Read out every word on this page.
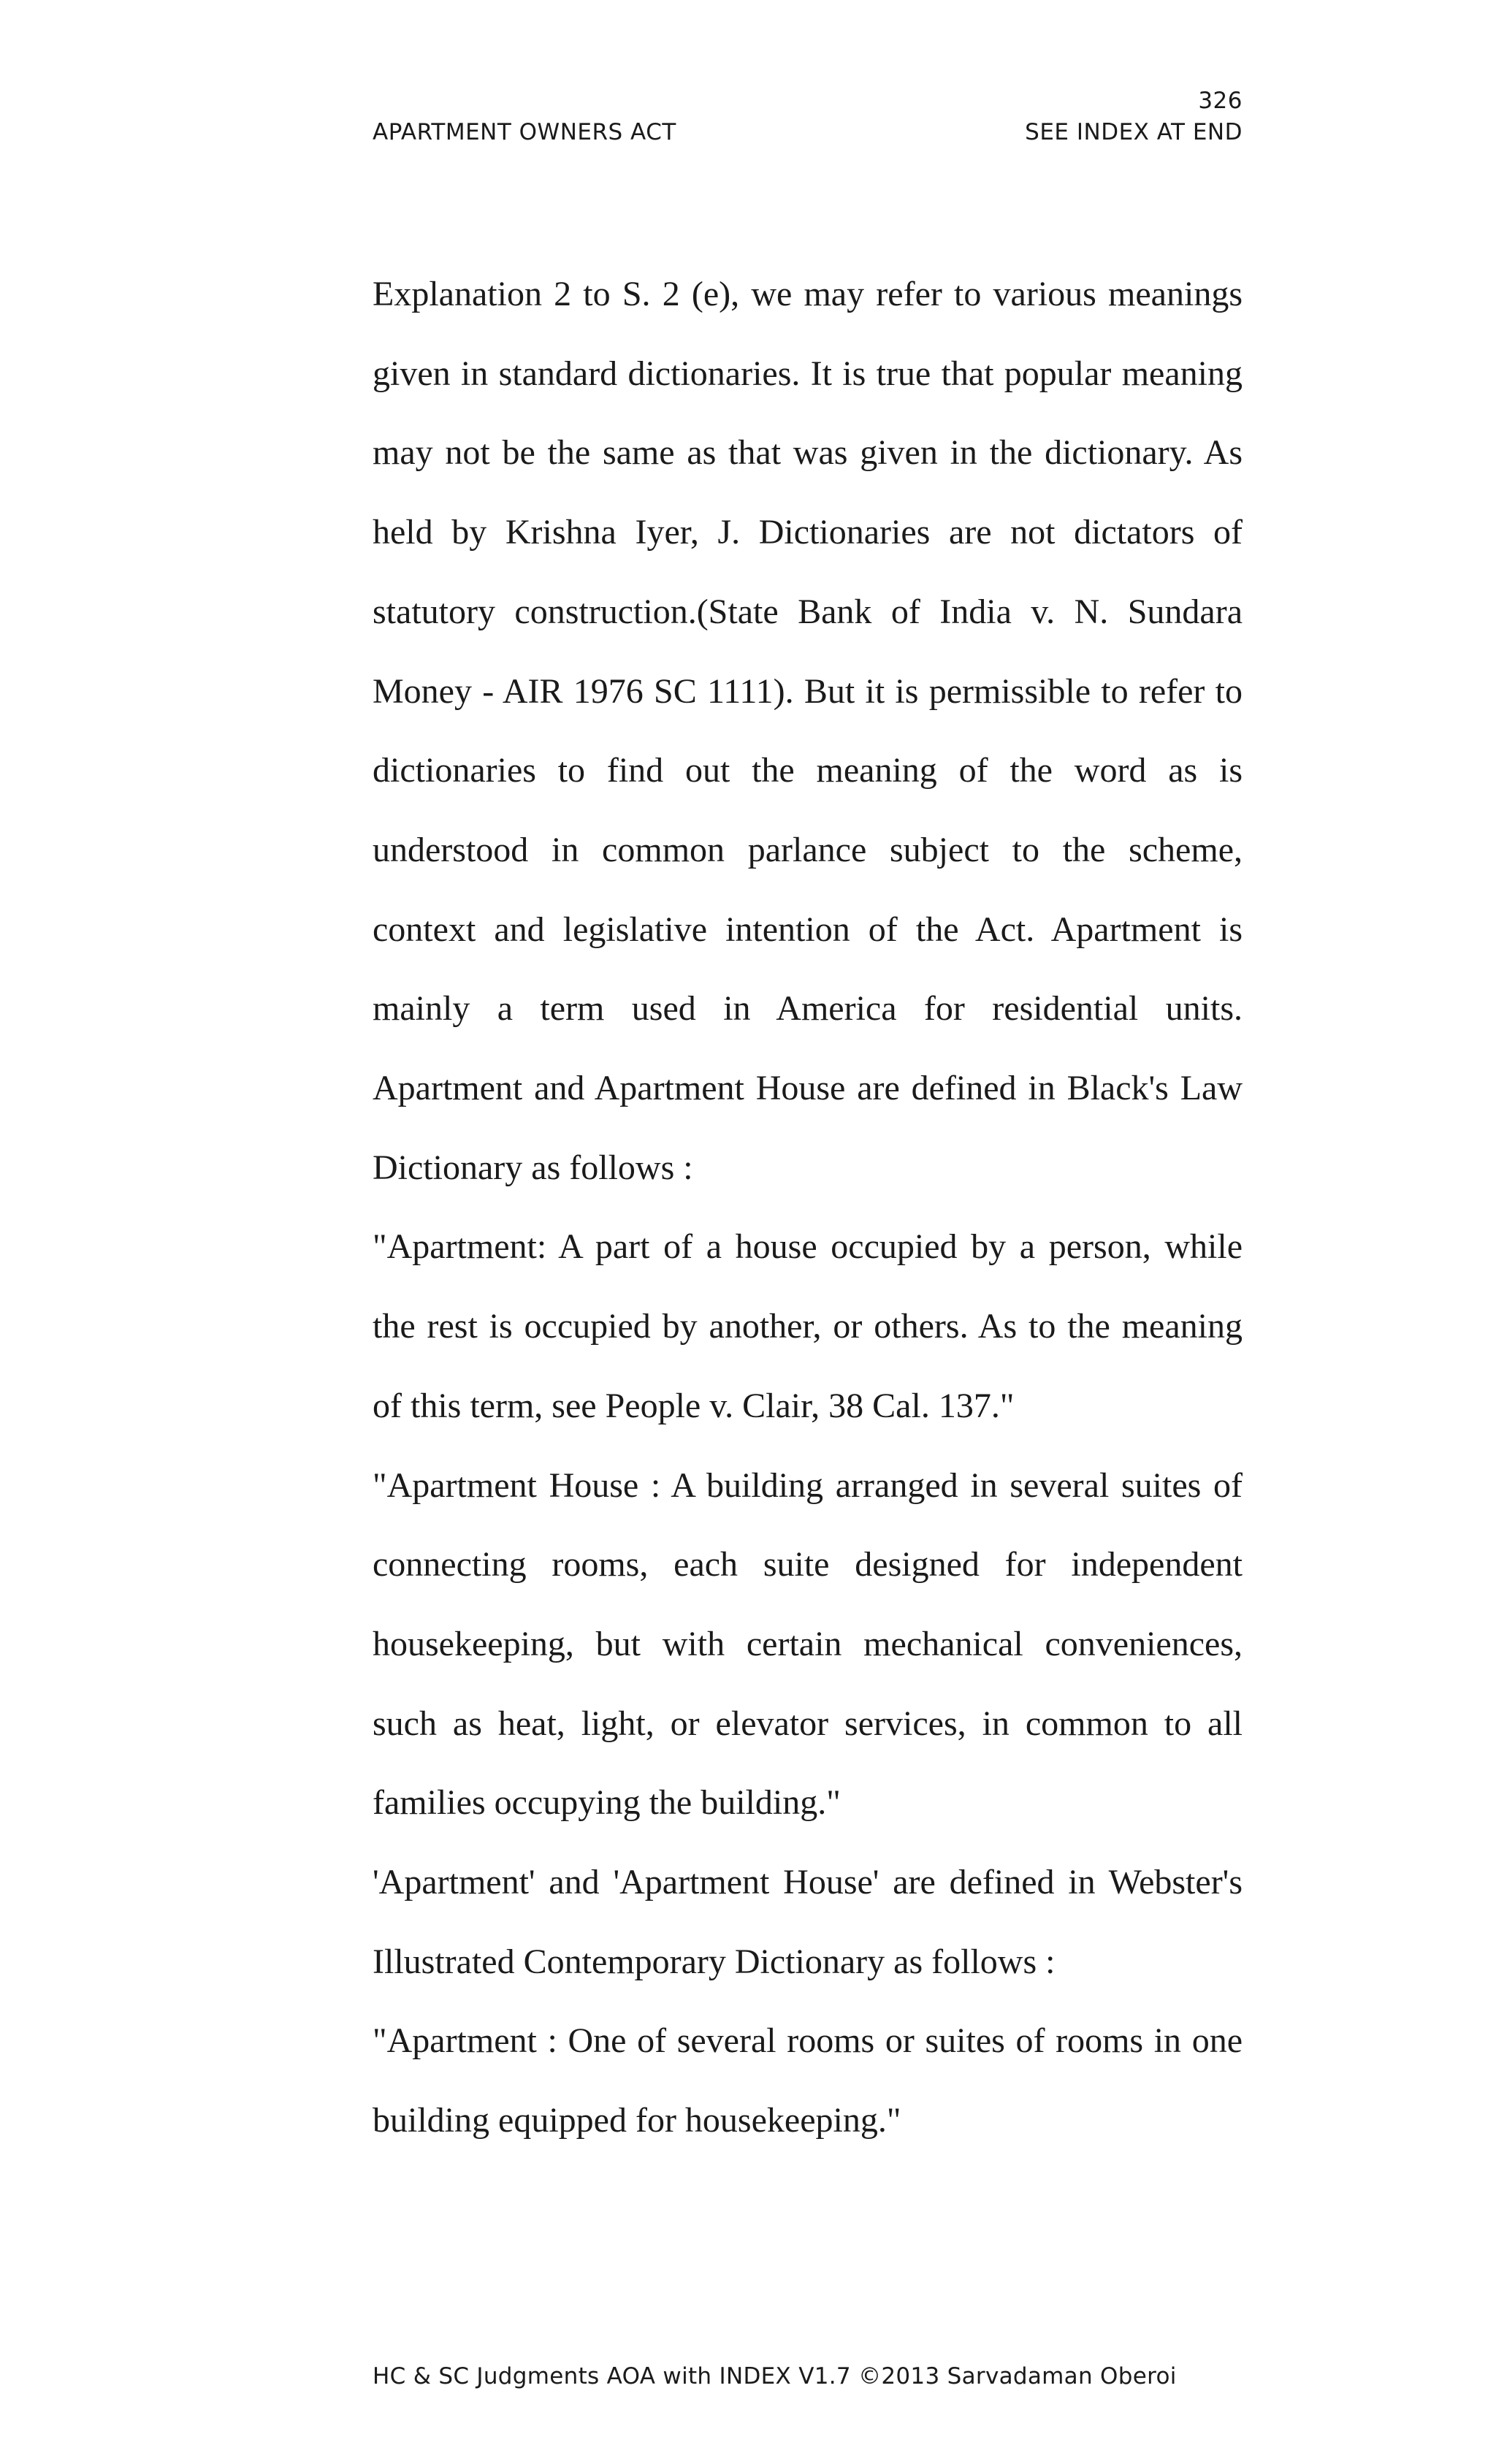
326
APARTMENT OWNERS ACT	SEE INDEX AT END

Explanation 2 to S. 2 (e), we may refer to various meanings given in standard dictionaries. It is true that popular meaning may not be the same as that was given in the dictionary. As held by Krishna Iyer, J. Dictionaries are not dictators of statutory construction.(State Bank of India v. N. Sundara Money - AIR 1976 SC 1111). But it is permissible to refer to dictionaries to find out the meaning of the word as is understood in common parlance subject to the scheme, context and legislative intention of the Act. Apartment is mainly a term used in America for residential units. Apartment and Apartment House are defined in Black's Law Dictionary as follows :

"Apartment: A part of a house occupied by a person, while the rest is occupied by another, or others. As to the meaning of this term, see People v. Clair, 38 Cal. 137."

"Apartment House : A building arranged in several suites of connecting rooms, each suite designed for independent housekeeping, but with certain mechanical conveniences, such as heat, light, or elevator services, in common to all families occupying the building."

'Apartment' and 'Apartment House' are defined in Webster's Illustrated Contemporary Dictionary as follows :

"Apartment : One of several rooms or suites of rooms in one building equipped for housekeeping."

HC & SC Judgments AOA with INDEX V1.7 ©2013 Sarvadaman Oberoi
